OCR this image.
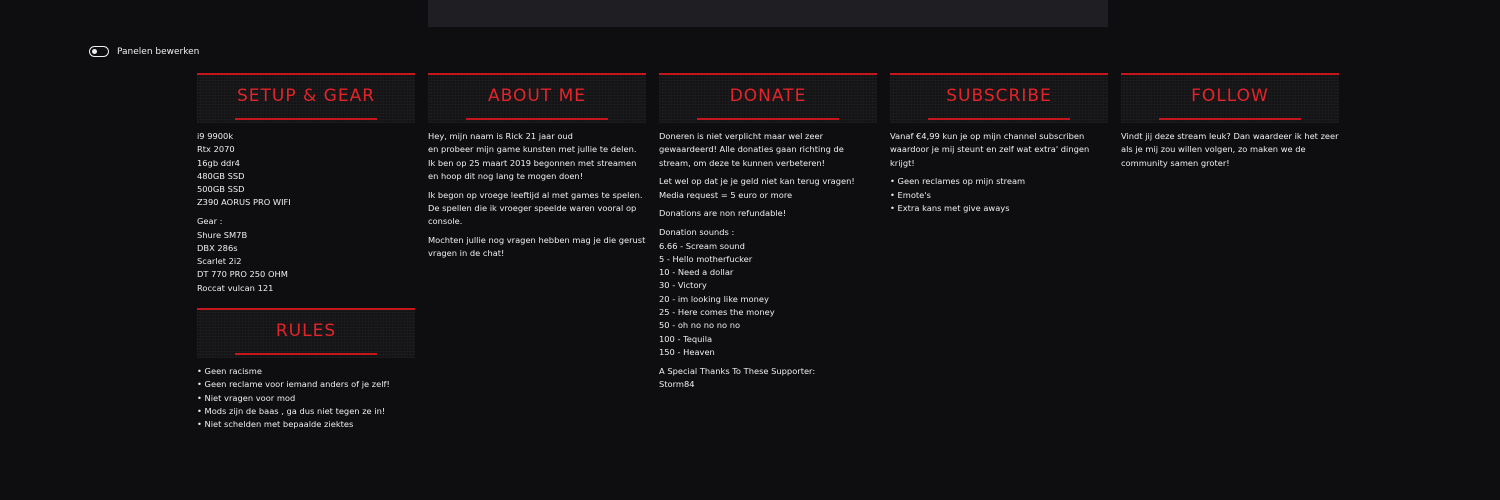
Panelen bewerken
SETUP & GEAR

i9 9900k
Rtx 2070
16gb ddr4
480GB SSD
500GB SSD
Z390 AORUS PRO WIFI

Gear :
Shure SM7B
DBX 286s
Scarlet 2i2
DT 770 PRO 250 OHM
Roccat vulcan 121

RULES

• Geen racisme
• Geen reclame voor iemand anders of je zelf!
• Niet vragen voor mod
• Mods zijn de baas , ga dus niet tegen ze in!
• Niet schelden met bepaalde ziektes

ABOUT ME

Hey, mijn naam is Rick 21 jaar oud
en probeer mijn game kunsten met jullie te delen.
Ik ben op 25 maart 2019 begonnen met streamen
en hoop dit nog lang te mogen doen!

Ik begon op vroege leeftijd al met games te spelen.
De spellen die ik vroeger speelde waren vooral op
console.

Mochten jullie nog vragen hebben mag je die gerust
vragen in de chat!

DONATE

Doneren is niet verplicht maar wel zeer
gewaardeerd! Alle donaties gaan richting de
stream, om deze te kunnen verbeteren!

Let wel op dat je je geld niet kan terug vragen!
Media request = 5 euro or more

Donations are non refundable!

Donation sounds :
6.66 - Scream sound
5 - Hello motherfucker
10 - Need a dollar
30 - Victory
20 - im looking like money
25 - Here comes the money
50 - oh no no no no
100 - Tequila
150 - Heaven

A Special Thanks To These Supporter:
Storm84

SUBSCRIBE

Vanaf €4,99 kun je op mijn channel subscriben
waardoor je mij steunt en zelf wat extra' dingen
krijgt!

• Geen reclames op mijn stream
• Emote's
• Extra kans met give aways

FOLLOW

Vindt jij deze stream leuk? Dan waardeer ik het zeer
als je mij zou willen volgen, zo maken we de
community samen groter!
